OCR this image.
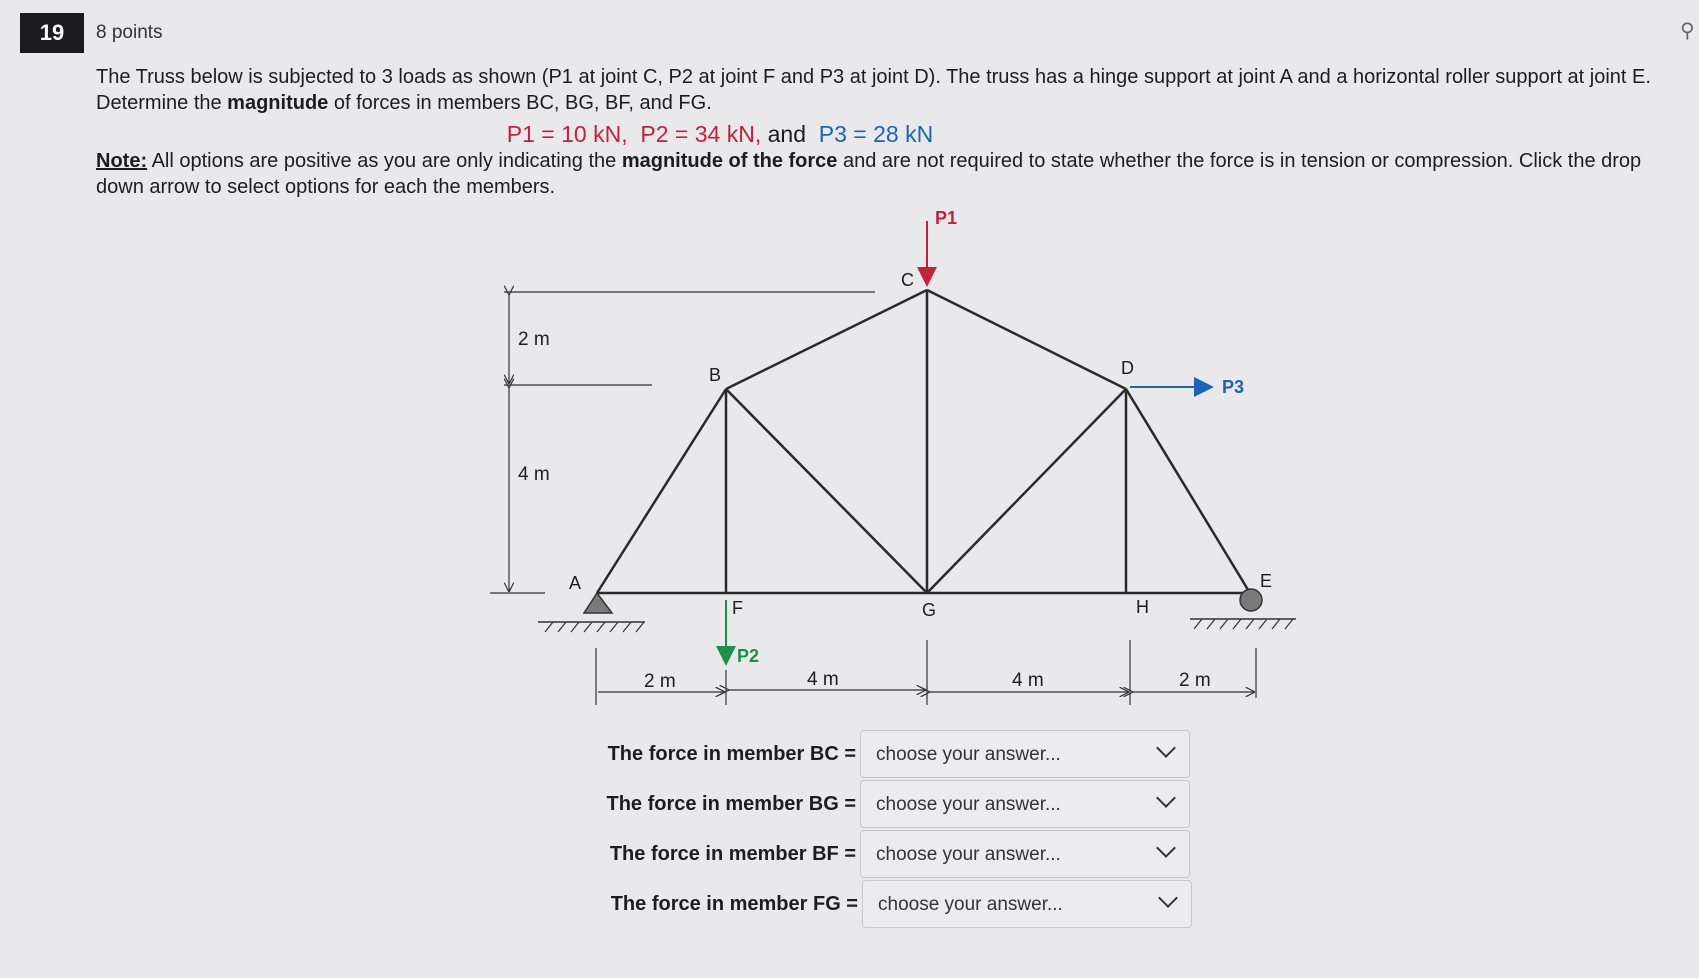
19	8 points	⚲
The Truss below is subjected to 3 loads as shown (P1 at joint C, P2 at joint F and P3 at joint D). The truss has a hinge support at joint A and a horizontal roller support at joint E. Determine the magnitude of forces in members BC, BG, BF, and FG.
P1 = 10 kN, P2 = 34 kN, and P3 = 28 kN
Note: All options are positive as you are only indicating the magnitude of the force and are not required to state whether the force is in tension or compression. Click the drop down arrow to select options for each the members.
A
B
C
D
E
F	G	H
P1
P2
P3
2 m
4 m
2 m	4 m	4 m	2 m
The force in member BC = choose your answer...
The force in member BG = choose your answer...
The force in member BF = choose your answer...
The force in member FG = choose your answer...
